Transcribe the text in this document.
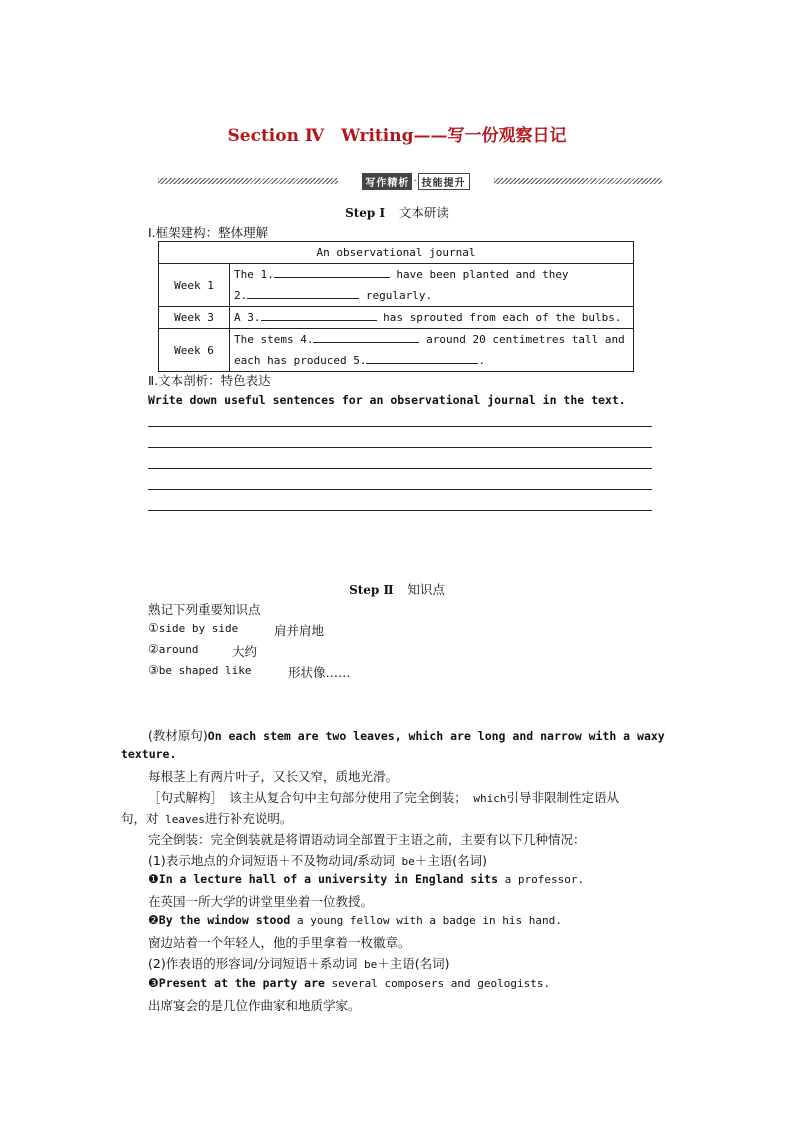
Section Ⅳ　Writing——写一份观察日记
写作精析 · 技能提升
Step Ⅰ 文本研读
Ⅰ.框架建构：整体理解
An observational journal	
Week 1	The 1. have been planted and they
2. regularly.

Week 3	A 3. has sprouted from each of the bulbs.

Week 6	The stems 4. around 20 centimetres tall and
each has produced 5. .
Ⅱ.文本剖析：特色表达
Write down useful sentences for an observational journal in the text.
Step Ⅱ 知识点
熟记下列重要知识点
①side by side	肩并肩地
②around	大约
③be shaped like	形状像……
(教材原句)On each stem are two leaves, which are long and narrow with a waxy
texture.
每根茎上有两片叶子，又长又窄，质地光滑。
［句式解构］　该主从复合句中主句部分使用了完全倒装； which引导非限制性定语从
句，对 leaves进行补充说明。
完全倒装：完全倒装就是将谓语动词全部置于主语之前，主要有以下几种情况：
(1)表示地点的介词短语＋不及物动词/系动词 be＋主语(名词)
❶In a lecture hall of a university in England sits a professor.
在英国一所大学的讲堂里坐着一位教授。
❷By the window stood a young fellow with a badge in his hand.
窗边站着一个年轻人，他的手里拿着一枚徽章。
(2)作表语的形容词/分词短语＋系动词 be＋主语(名词)
❸Present at the party are several composers and geologists.
出席宴会的是几位作曲家和地质学家。
